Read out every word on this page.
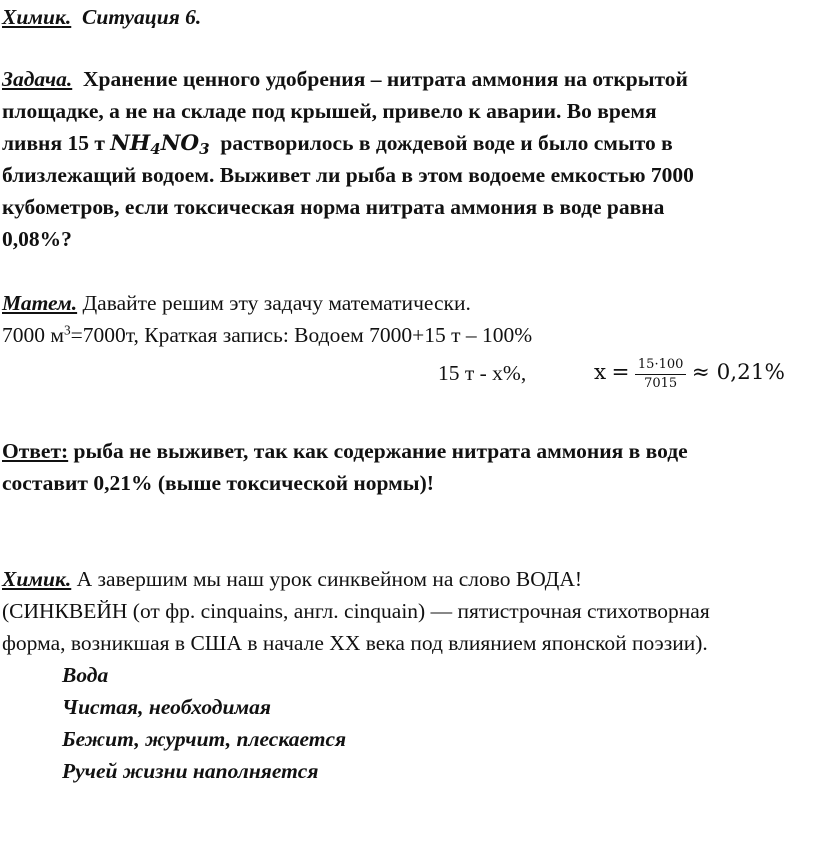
Химик. Ситуация 6.
Задача. Хранение ценного удобрения – нитрата аммония на открытой
площадке, а не на складе под крышей, привело к аварии. Во время
ливня 15 т $NH_4NO_3$ растворилось в дождевой воде и было смыто в
близлежащий водоем. Выживет ли рыба в этом водоеме емкостью 7000
кубометров, если токсическая норма нитрата аммония в воде равна
0,08%?
Матем. Давайте решим эту задачу математически.
7000 $м^3=7000т$, Краткая запись: Водоем 7000+15 т – 100%
15 т - х%,	$х = \frac{15\cdot 100}{7015} \approx 0,21\%$
Ответ: рыба не выживет, так как содержание нитрата аммония в воде
составит 0,21% (выше токсической нормы)!
Химик. А завершим мы наш урок синквейном на слово ВОДА!
(СИНКВЕЙН (от фр. cinquains, англ. cinquain) — пятистрочная стихотворная
форма, возникшая в США в начале XX века под влиянием японской поэзии).
Вода
Чистая, необходимая
Бежит, журчит, плескается
Ручей жизни наполняется
